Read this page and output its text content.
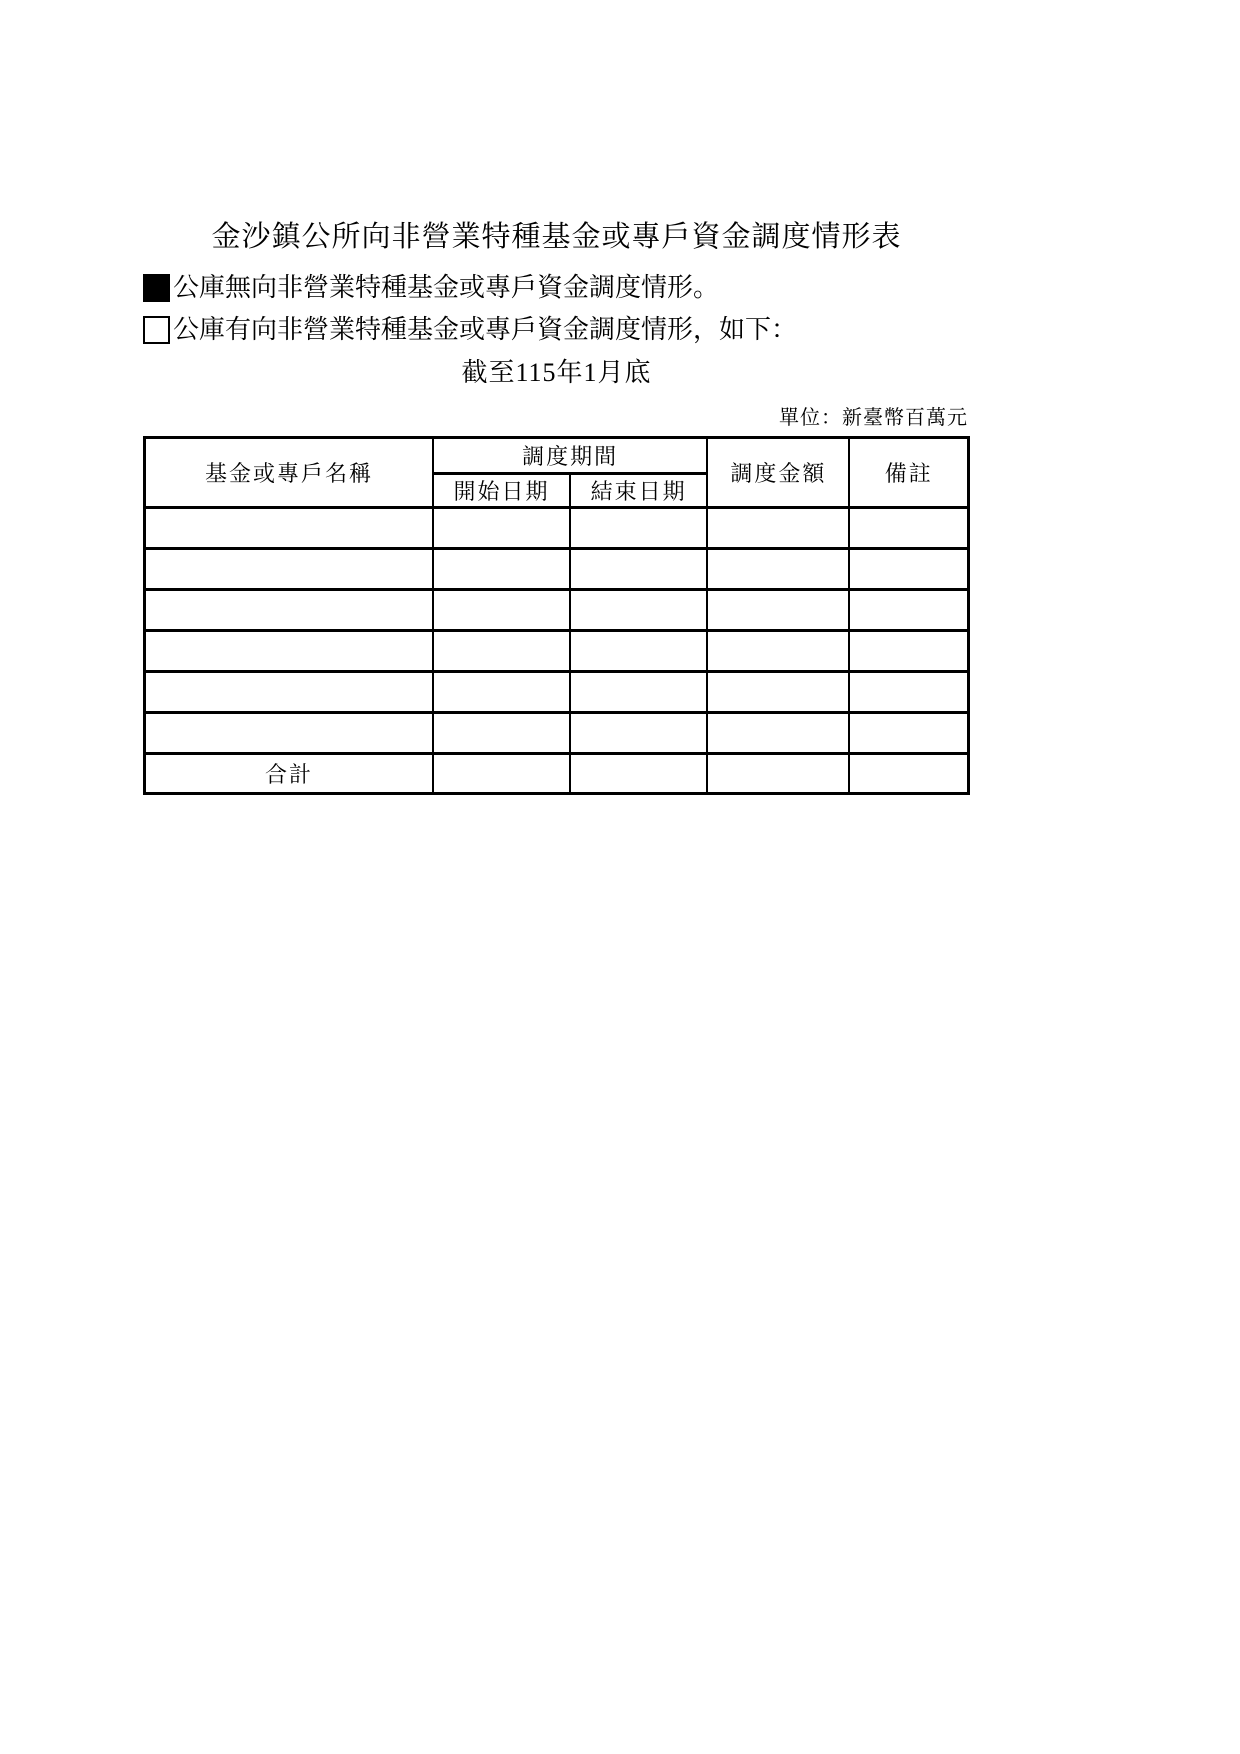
金沙鎮公所向非營業特種基金或專戶資金調度情形表
公庫無向非營業特種基金或專戶資金調度情形。
公庫有向非營業特種基金或專戶資金調度情形，如下：
截至115年1月底
單位：新臺幣百萬元
基金或專戶名稱	調度期間		調度金額	備註
	開始日期	結束日期		

合計				
